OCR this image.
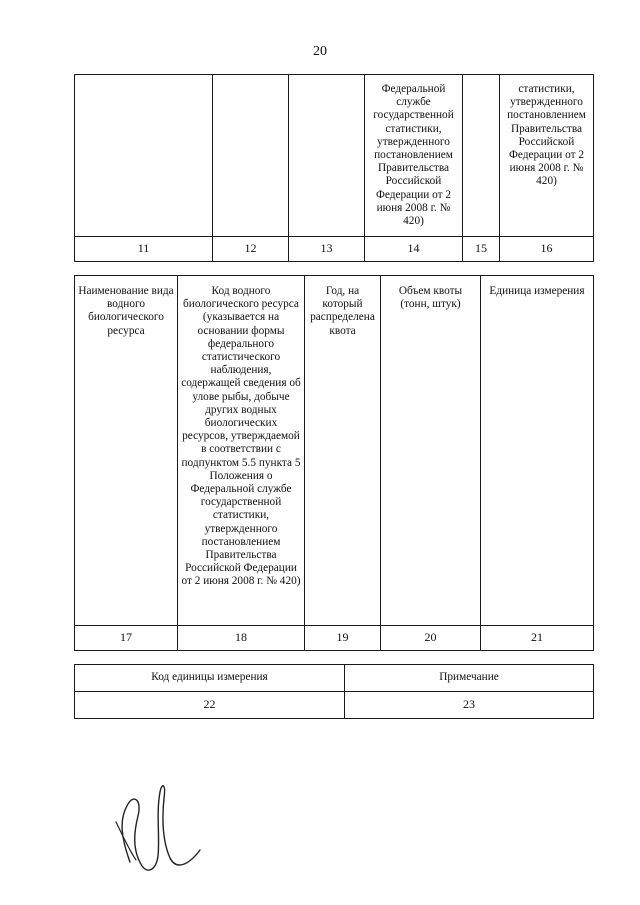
20

			Федеральной службе государственной статистики, утвержденного постановлением Правительства Российской Федерации от 2 июня 2008 г. № 420)		статистики, утвержденного постановлением Правительства Российской Федерации от 2 июня 2008 г. № 420)

11	12	13	14	15	16
Наименование вида водного биологического ресурса	Код водного биологического ресурса (указывается на основании формы федерального статистического наблюдения, содержащей сведения об улове рыбы, добыче других водных биологических ресурсов, утверждаемой в соответствии с подпунктом 5.5 пункта 5 Положения о Федеральной службе государственной статистики, утвержденного постановлением Правительства Российской Федерации от 2 июня 2008 г. № 420)	Год, на который распределена квота	Объем квоты (тонн, штук)	Единица измерения

17	18	19	20	21
Код единицы измерения	Примечание
22	23
